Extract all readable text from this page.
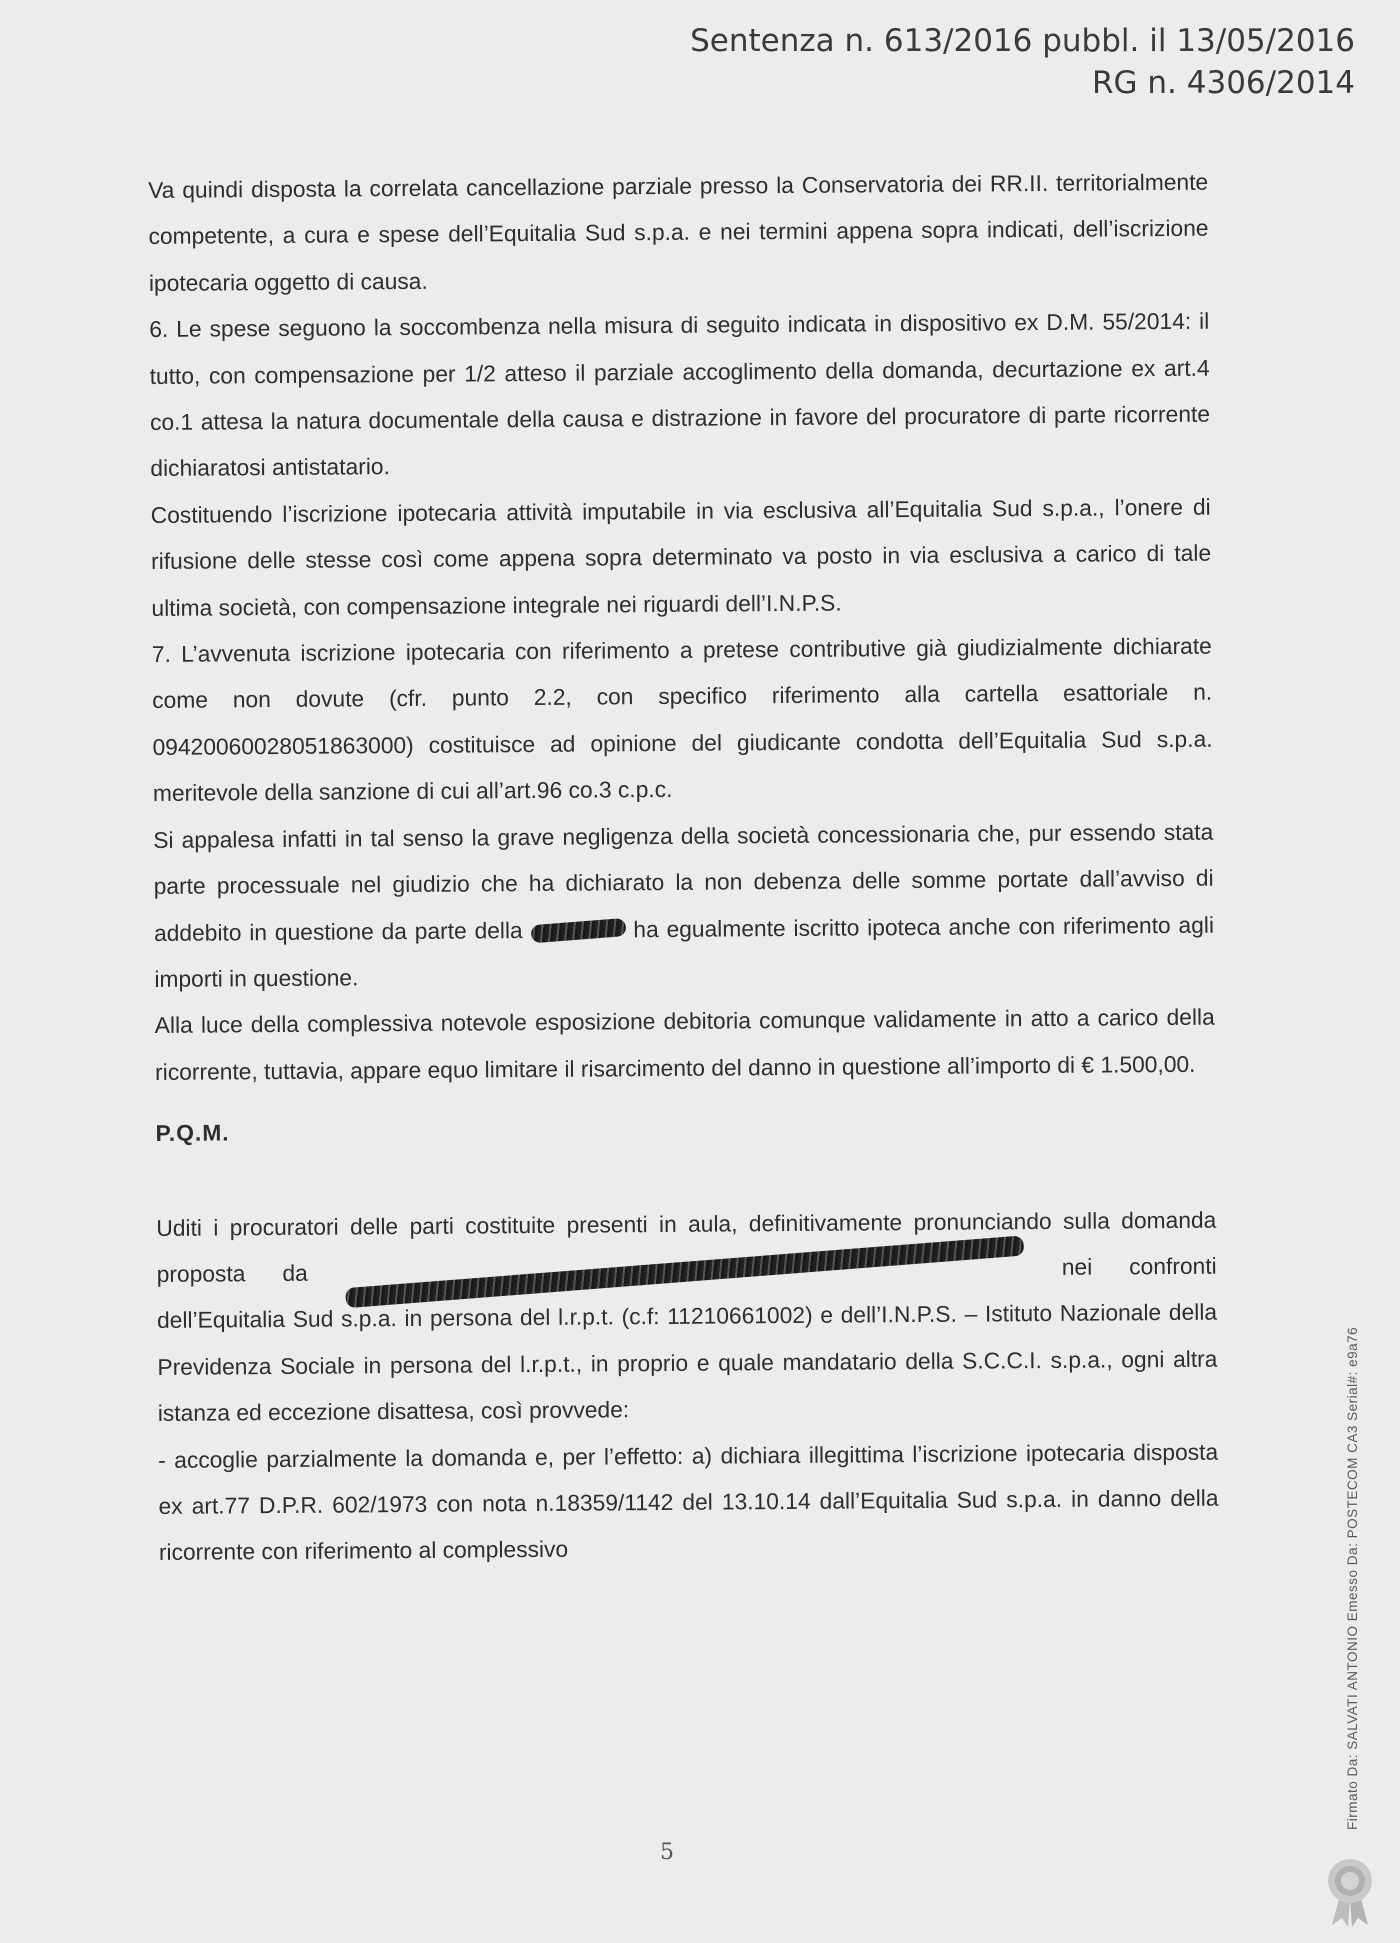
Sentenza n. 613/2016 pubbl. il 13/05/2016
RG n. 4306/2014

Va quindi disposta la correlata cancellazione parziale presso la Conservatoria dei RR.II. territorialmente competente, a cura e spese dell’Equitalia Sud s.p.a. e nei termini appena sopra indicati, dell’iscrizione ipotecaria oggetto di causa.

6. Le spese seguono la soccombenza nella misura di seguito indicata in dispositivo ex D.M. 55/2014: il tutto, con compensazione per 1/2 atteso il parziale accoglimento della domanda, decurtazione ex art.4 co.1 attesa la natura documentale della causa e distrazione in favore del procuratore di parte ricorrente dichiaratosi antistatario.

Costituendo l’iscrizione ipotecaria attività imputabile in via esclusiva all’Equitalia Sud s.p.a., l’onere di rifusione delle stesse così come appena sopra determinato va posto in via esclusiva a carico di tale ultima società, con compensazione integrale nei riguardi dell’I.N.P.S.

7. L’avvenuta iscrizione ipotecaria con riferimento a pretese contributive già giudizialmente dichiarate come non dovute (cfr. punto 2.2, con specifico riferimento alla cartella esattoriale n. 09420060028051863000) costituisce ad opinione del giudicante condotta dell’Equitalia Sud s.p.a. meritevole della sanzione di cui all’art.96 co.3 c.p.c.

Si appalesa infatti in tal senso la grave negligenza della società concessionaria che, pur essendo stata parte processuale nel giudizio che ha dichiarato la non debenza delle somme portate dall’avviso di addebito in questione da parte della	ha egualmente iscritto ipoteca anche con riferimento agli importi in questione.

Alla luce della complessiva notevole esposizione debitoria comunque validamente in atto a carico della ricorrente, tuttavia, appare equo limitare il risarcimento del danno in questione all’importo di € 1.500,00.

P.Q.M.

Uditi i procuratori delle parti costituite presenti in aula, definitivamente pronunciando sulla domanda proposta da	nei confronti dell’Equitalia Sud s.p.a. in persona del l.r.p.t. (c.f: 11210661002) e dell’I.N.P.S. – Istituto Nazionale della Previdenza Sociale in persona del l.r.p.t., in proprio e quale mandatario della S.C.C.I. s.p.a., ogni altra istanza ed eccezione disattesa, così provvede:

- accoglie parzialmente la domanda e, per l’effetto: a) dichiara illegittima l’iscrizione ipotecaria disposta ex art.77 D.P.R. 602/1973 con nota n.18359/1142 del 13.10.14 dall’Equitalia Sud s.p.a. in danno della ricorrente con riferimento al complessivo

5
Firmato Da: SALVATI ANTONIO Emesso Da: POSTECOM CA3 Serial#: e9a76
